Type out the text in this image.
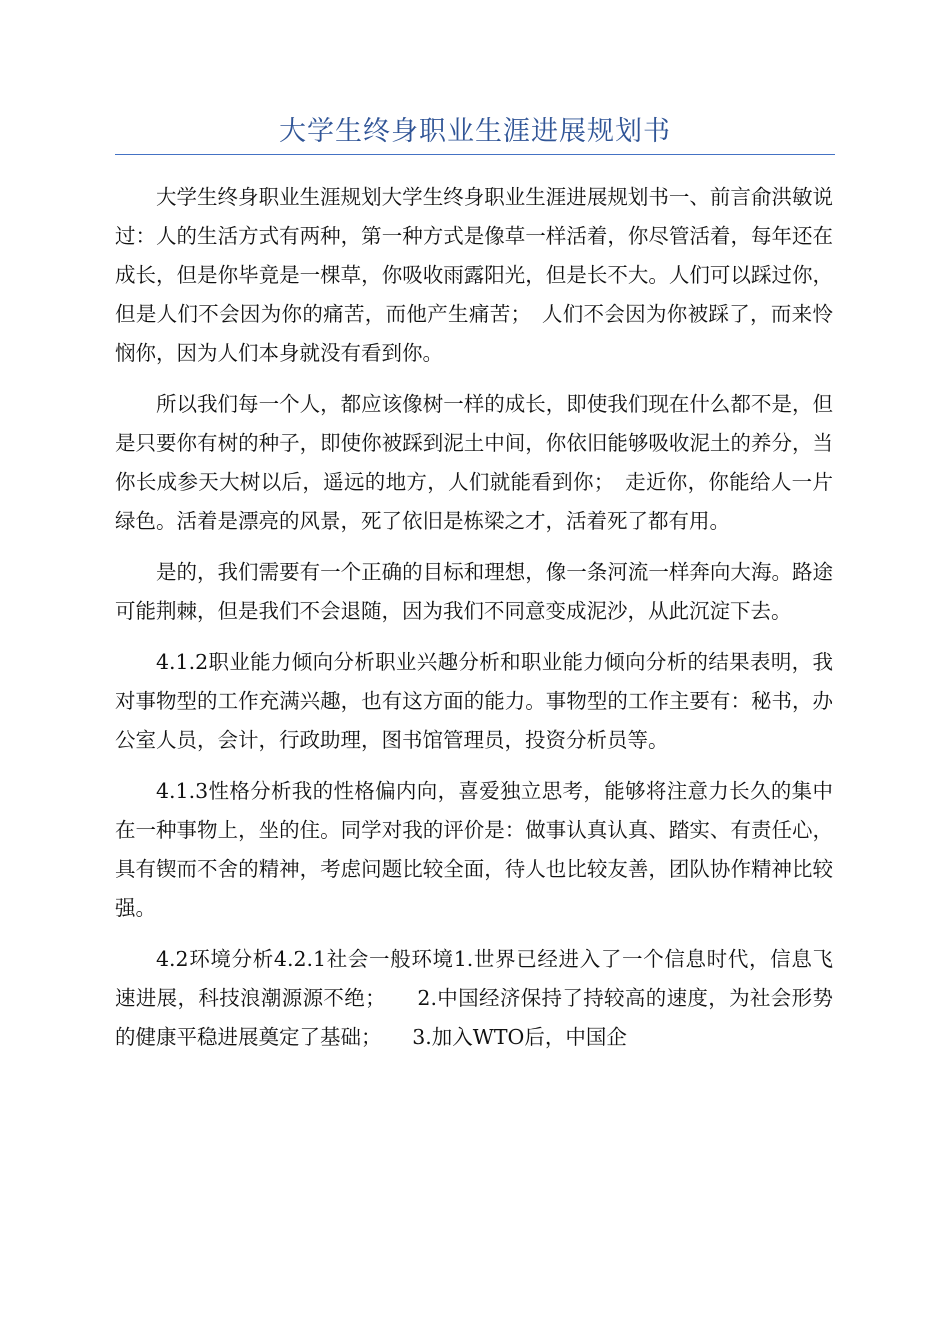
大学生终身职业生涯进展规划书

大学生终身职业生涯规划大学生终身职业生涯进展规划书一、前言俞洪敏说过：人的生活方式有两种，第一种方式是像草一样活着，你尽管活着，每年还在成长，但是你毕竟是一棵草，你吸收雨露阳光，但是长不大。人们可以踩过你，但是人们不会因为你的痛苦，而他产生痛苦；　人们不会因为你被踩了，而来怜悯你，因为人们本身就没有看到你。

所以我们每一个人，都应该像树一样的成长，即使我们现在什么都不是，但是只要你有树的种子，即使你被踩到泥土中间，你依旧能够吸收泥土的养分，当你长成参天大树以后，遥远的地方，人们就能看到你；　走近你，你能给人一片绿色。活着是漂亮的风景，死了依旧是栋梁之才，活着死了都有用。

是的，我们需要有一个正确的目标和理想，像一条河流一样奔向大海。路途可能荆棘，但是我们不会退随，因为我们不同意变成泥沙，从此沉淀下去。

4.1.2职业能力倾向分析职业兴趣分析和职业能力倾向分析的结果表明，我对事物型的工作充满兴趣，也有这方面的能力。事物型的工作主要有：秘书，办公室人员，会计，行政助理，图书馆管理员，投资分析员等。

4.1.3性格分析我的性格偏内向，喜爱独立思考，能够将注意力长久的集中在一种事物上，坐的住。同学对我的评价是：做事认真认真、踏实、有责任心，具有锲而不舍的精神，考虑问题比较全面，待人也比较友善，团队协作精神比较强。

4.2环境分析4.2.1社会一般环境1.世界已经进入了一个信息时代，信息飞速进展，科技浪潮源源不绝；　　2.中国经济保持了持较高的速度，为社会形势的健康平稳进展奠定了基础；　　3.加入WTO后，中国企
